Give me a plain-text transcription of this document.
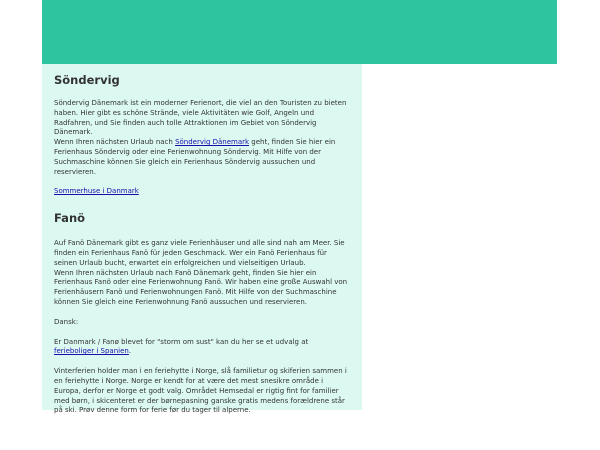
Söndervig

Söndervig Dänemark ist ein moderner Ferienort, die viel an den Touristen zu bieten haben. Hier gibt es schöne Strände, viele Aktivitäten wie Golf, Angeln und Radfahren, und Sie finden auch tolle Attraktionen im Gebiet von Söndervig Dänemark.

Wenn Ihren nächsten Urlaub nach Söndervig Dänemark geht, finden Sie hier ein Ferienhaus Söndervig oder eine Ferienwohnung Söndervig. Mit Hilfe von der Suchmaschine können Sie gleich ein Ferienhaus Söndervig aussuchen und reservieren.

Sommerhuse i Danmark

Fanö

Auf Fanö Dänemark gibt es ganz viele Ferienhäuser und alle sind nah am Meer. Sie finden ein Ferienhaus Fanö für jeden Geschmack. Wer ein Fanö Ferienhaus für seinen Urlaub bucht, erwartet ein erfolgreichen und vielseitigen Urlaub.

Wenn Ihren nächsten Urlaub nach Fanö Dänemark geht, finden Sie hier ein Ferienhaus Fanö oder eine Ferienwohnung Fanö. Wir haben eine große Auswahl von Ferienhäusern Fanö und Ferienwohnungen Fanö. Mit Hilfe von der Suchmaschine können Sie gleich eine Ferienwohnung Fanö aussuchen und reservieren.

Dansk:

Er Danmark / Fanø blevet for "storm om sust" kan du her se et udvalg at ferieboliger i Spanien.

Vinterferien holder man i en feriehytte i Norge, slå familietur og skiferien sammen i en feriehytte i Norge. Norge er kendt for at være det mest snesikre område i Europa, derfor er Norge et godt valg. Området Hemsedal er rigtig fint for familier med børn, i skicenteret er der børnepasning ganske gratis medens forældrene står på ski. Prøv denne form for ferie før du tager til alperne.
